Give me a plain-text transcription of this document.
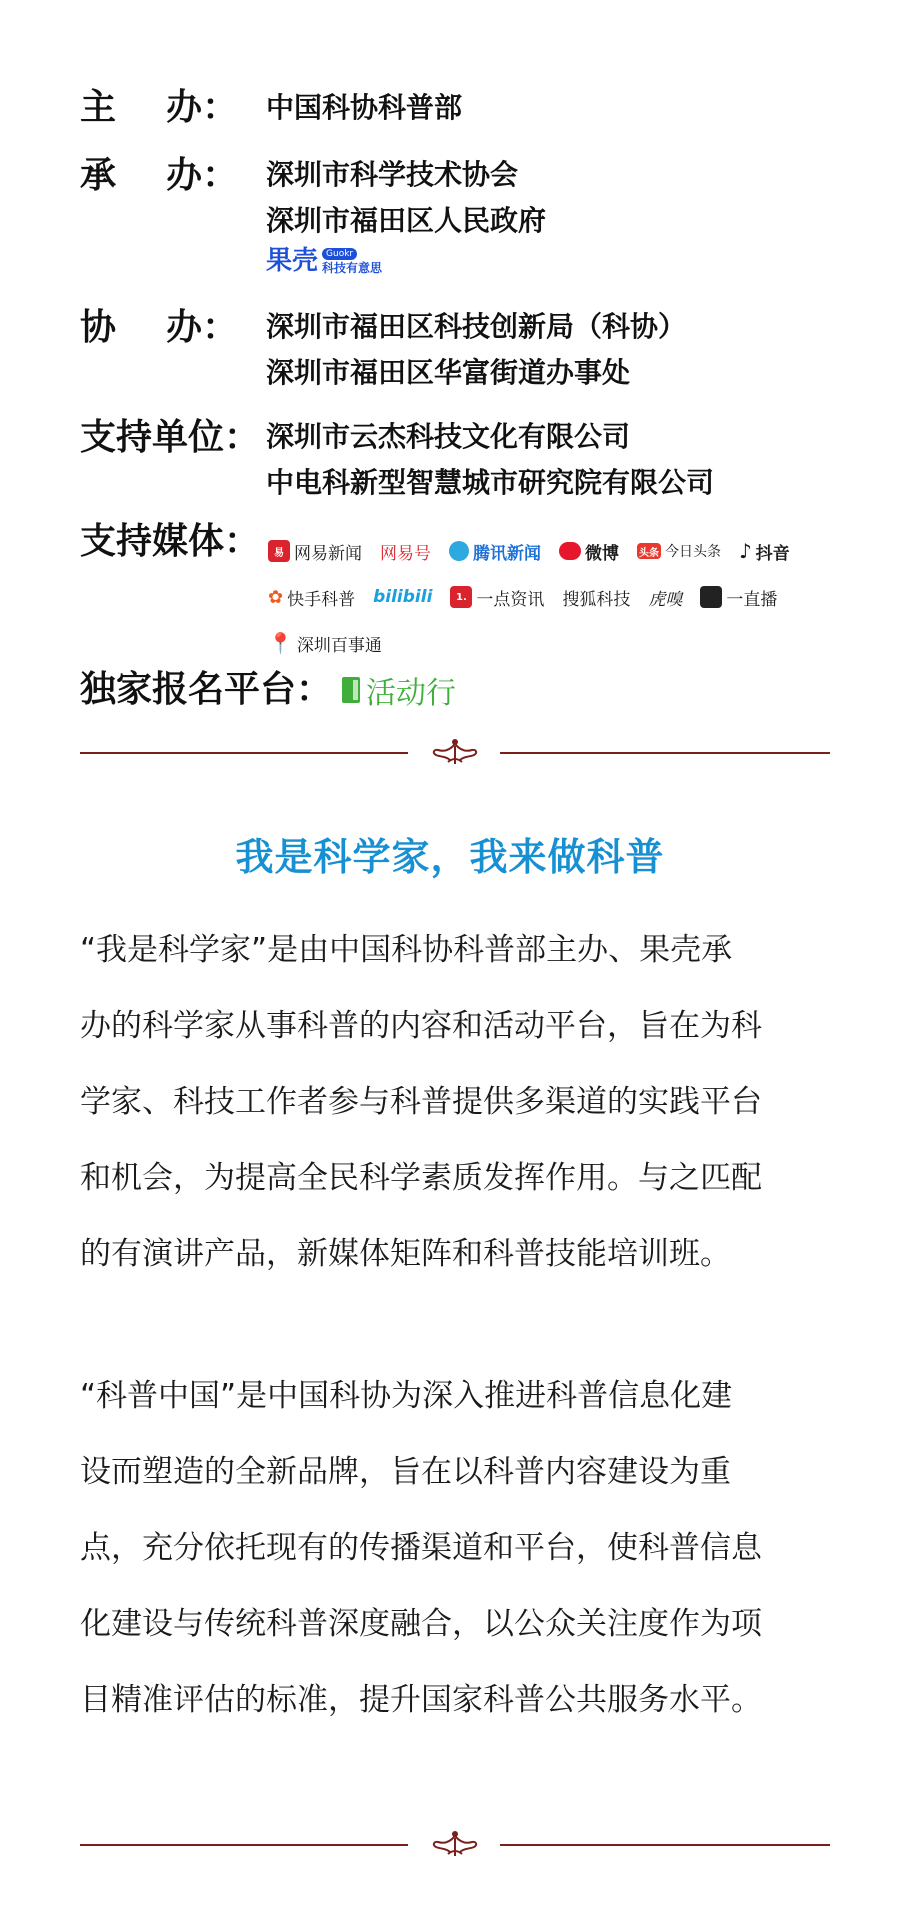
主    办： 中国科协科普部
承    办： 深圳市科学技术协会
深圳市福田区人民政府
果壳 Guokr
科技有意思
协    办： 深圳市福田区科技创新局（科协）
深圳市福田区华富街道办事处
支持单位： 深圳市云杰科技文化有限公司
中电科新型智慧城市研究院有限公司
支持媒体：	易 网易新闻 网易号 腾讯新闻	微博 头条 今日头条 ♪ 抖音
✿ 快手科普 bilibili	1. 一点资讯 搜狐科技 虎嗅	一直播
📍 深圳百事通
独家报名平台： 活动行
我是科学家，我来做科普
“我是科学家”是由中国科协科普部主办、果壳承
办的科学家从事科普的内容和活动平台，旨在为科
学家、科技工作者参与科普提供多渠道的实践平台
和机会，为提高全民科学素质发挥作用。与之匹配
的有演讲产品，新媒体矩阵和科普技能培训班。
“科普中国”是中国科协为深入推进科普信息化建
设而塑造的全新品牌，旨在以科普内容建设为重
点，充分依托现有的传播渠道和平台，使科普信息
化建设与传统科普深度融合，以公众关注度作为项
目精准评估的标准，提升国家科普公共服务水平。
